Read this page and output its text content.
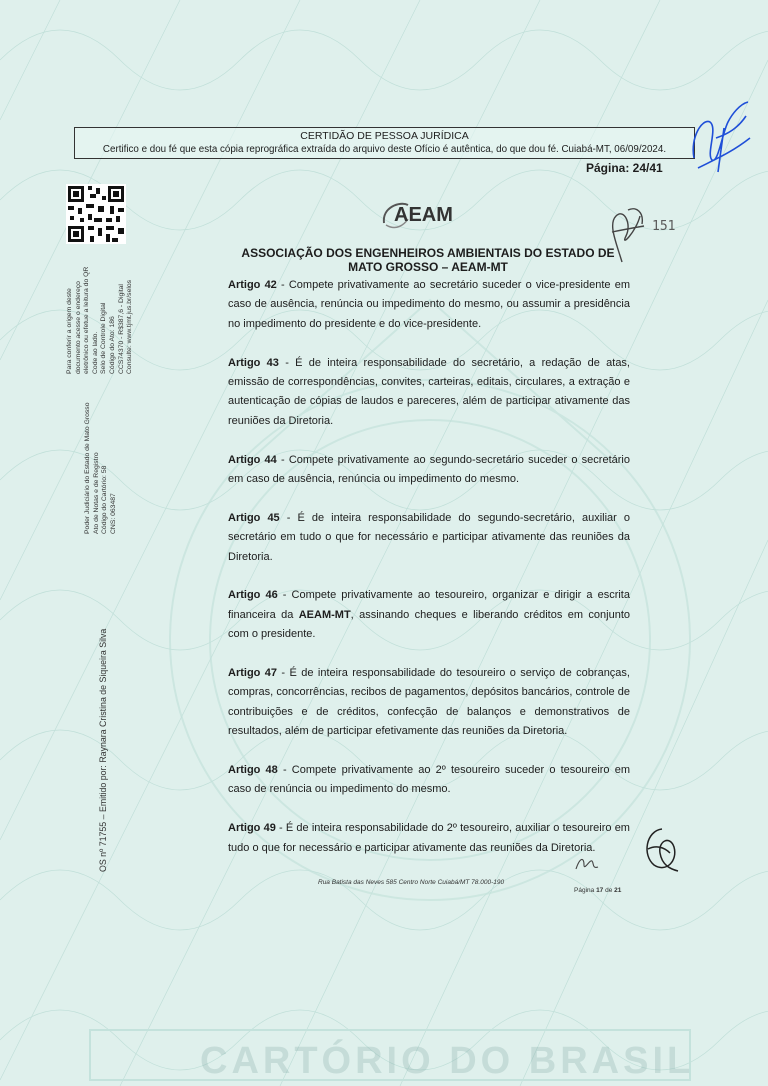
CARTÓRIO DO BRASIL
CERTIDÃO DE PESSOA JURÍDICA
Certifico e dou fé que esta cópia reprográfica extraída do arquivo deste Ofício é autêntica, do que dou fé. Cuiabá-MT, 06/09/2024.
Página: 24/41
Para conferir a origem deste documento acesse o endereço eletrônico ou efetue a leitura do QR Code ao lado. Selo de Controle Digital Código do Ato: 186 CCS74370 - R$387,6 - Digital Consulte: www.tjmt.jus.br/selos
Poder Judiciário do Estado de Mato Grosso Ato de Notas e de Registro Código do Cartório: 58 CNS: 063487
OS nº 71755 – Emitido por: Raynara Cristina de Siqueira Silva
AEAM
151
ASSOCIAÇÃO DOS ENGENHEIROS AMBIENTAIS DO ESTADO DE
MATO GROSSO – AEAM-MT

Artigo 42 - Compete privativamente ao secretário suceder o vice-presidente em caso de ausência, renúncia ou impedimento do mesmo, ou assumir a presidência no impedimento do presidente e do vice-presidente.

Artigo 43 - É de inteira responsabilidade do secretário, a redação de atas, emissão de correspondências, convites, carteiras, editais, circulares, a extração e autenticação de cópias de laudos e pareceres, além de participar ativamente das reuniões da Diretoria.

Artigo 44 - Compete privativamente ao segundo-secretário suceder o secretário em caso de ausência, renúncia ou impedimento do mesmo.

Artigo 45 - É de inteira responsabilidade do segundo-secretário, auxiliar o secretário em tudo o que for necessário e participar ativamente das reuniões da Diretoria.

Artigo 46 - Compete privativamente ao tesoureiro, organizar e dirigir a escrita financeira da AEAM-MT, assinando cheques e liberando créditos em conjunto com o presidente.

Artigo 47 - É de inteira responsabilidade do tesoureiro o serviço de cobranças, compras, concorrências, recibos de pagamentos, depósitos bancários, controle de contribuições e de créditos, confecção de balanços e demonstrativos de resultados, além de participar efetivamente das reuniões da Diretoria.

Artigo 48 - Compete privativamente ao 2º tesoureiro suceder o tesoureiro em caso de renúncia ou impedimento do mesmo.

Artigo 49 - É de inteira responsabilidade do 2º tesoureiro, auxiliar o tesoureiro em tudo o que for necessário e participar ativamente das reuniões da Diretoria.

Rua Batista das Neves 585 Centro Norte Cuiabá/MT 78.000-190
Página 17 de 21
